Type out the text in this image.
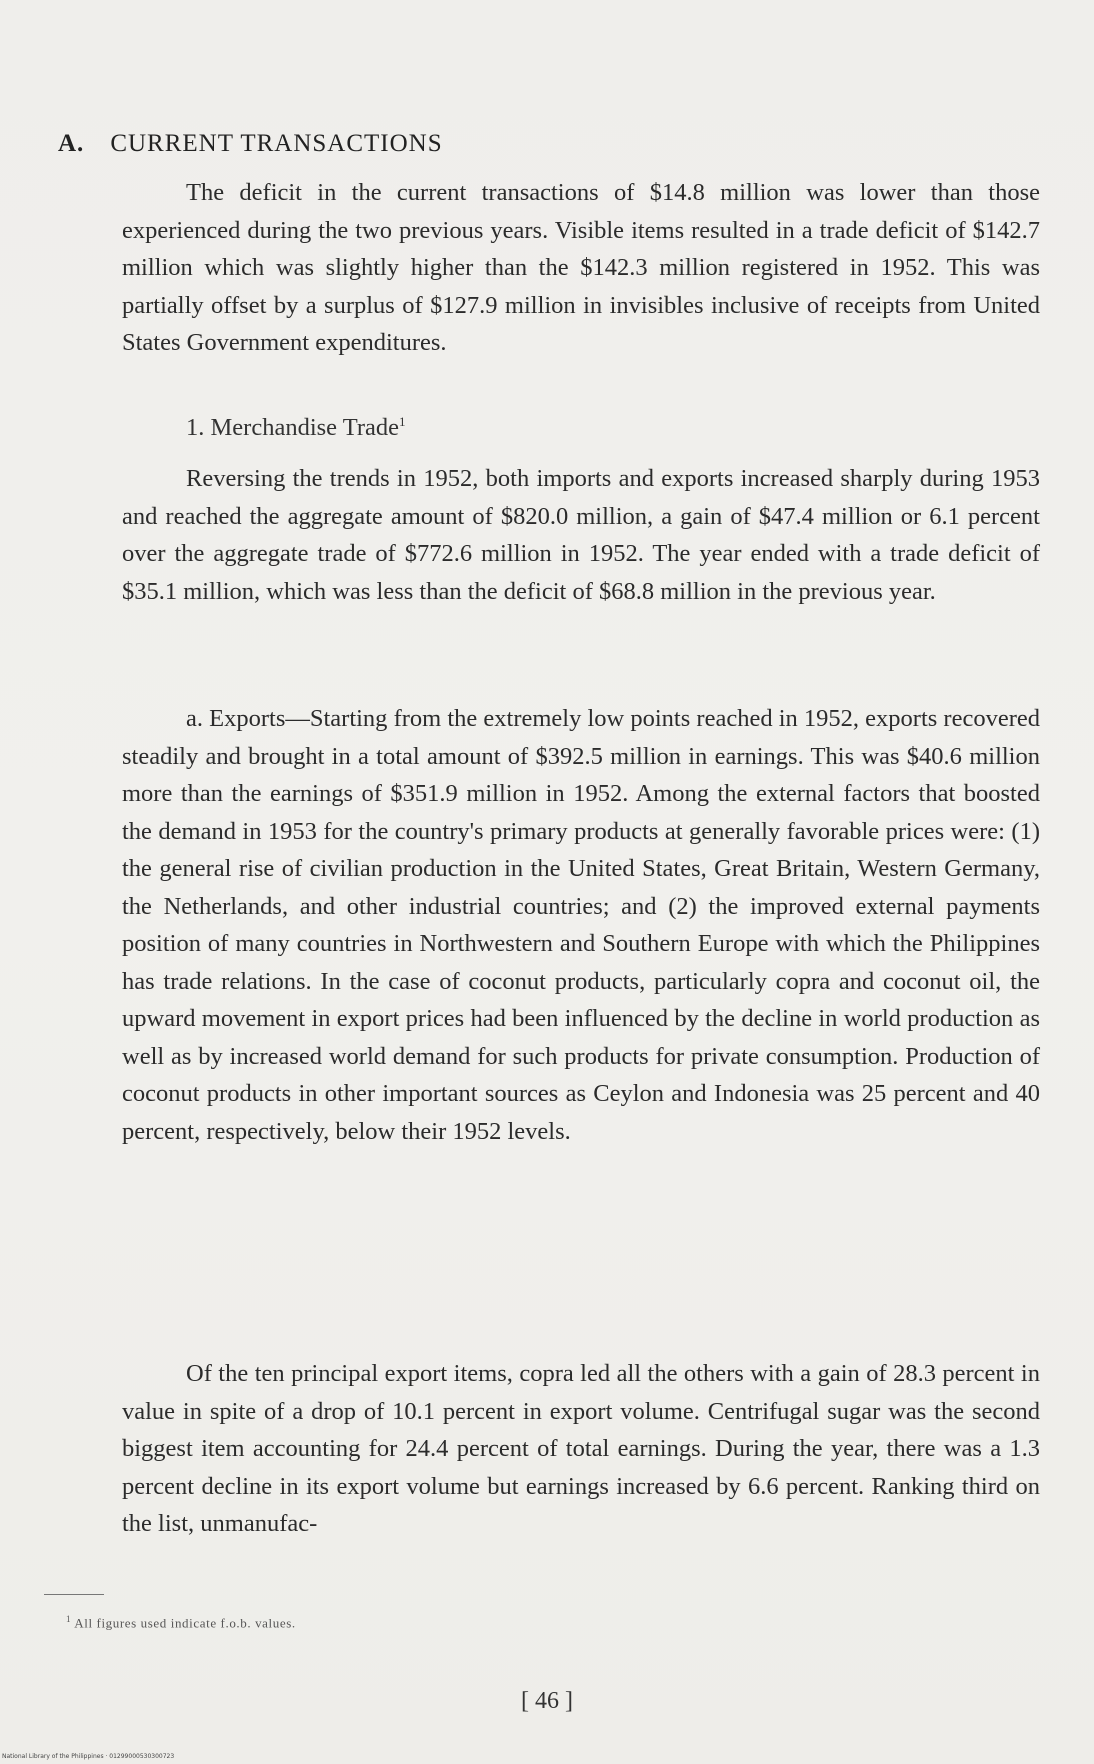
A. CURRENT TRANSACTIONS

The deficit in the current transactions of $14.8 million was lower than those experienced during the two previous years. Visible items resulted in a trade deficit of $142.7 million which was slightly higher than the $142.3 million registered in 1952. This was partially offset by a surplus of $127.9 million in invisibles inclusive of receipts from United States Government expenditures.

1. Merchandise Trade$^1$

Reversing the trends in 1952, both imports and exports increased sharply during 1953 and reached the aggregate amount of $820.0 million, a gain of $47.4 million or 6.1 percent over the aggregate trade of $772.6 million in 1952. The year ended with a trade deficit of $35.1 million, which was less than the deficit of $68.8 million in the previous year.

a. Exports—Starting from the extremely low points reached in 1952, exports recovered steadily and brought in a total amount of $392.5 million in earnings. This was $40.6 million more than the earnings of $351.9 million in 1952. Among the external factors that boosted the demand in 1953 for the country's primary products at generally favorable prices were: (1) the general rise of civilian production in the United States, Great Britain, Western Germany, the Netherlands, and other industrial countries; and (2) the improved external payments position of many countries in Northwestern and Southern Europe with which the Philippines has trade relations. In the case of coconut products, particularly copra and coconut oil, the upward movement in export prices had been influenced by the decline in world production as well as by increased world demand for such products for private consumption. Production of coconut products in other important sources as Ceylon and Indonesia was 25 percent and 40 percent, respectively, below their 1952 levels.

Of the ten principal export items, copra led all the others with a gain of 28.3 percent in value in spite of a drop of 10.1 percent in export volume. Centrifugal sugar was the second biggest item accounting for 24.4 percent of total earnings. During the year, there was a 1.3 percent decline in its export volume but earnings increased by 6.6 percent. Ranking third on the list, unmanufac-

$^1$ All figures used indicate f.o.b. values.
[ 46 ]
National Library of the Philippines · 01299000530300723
